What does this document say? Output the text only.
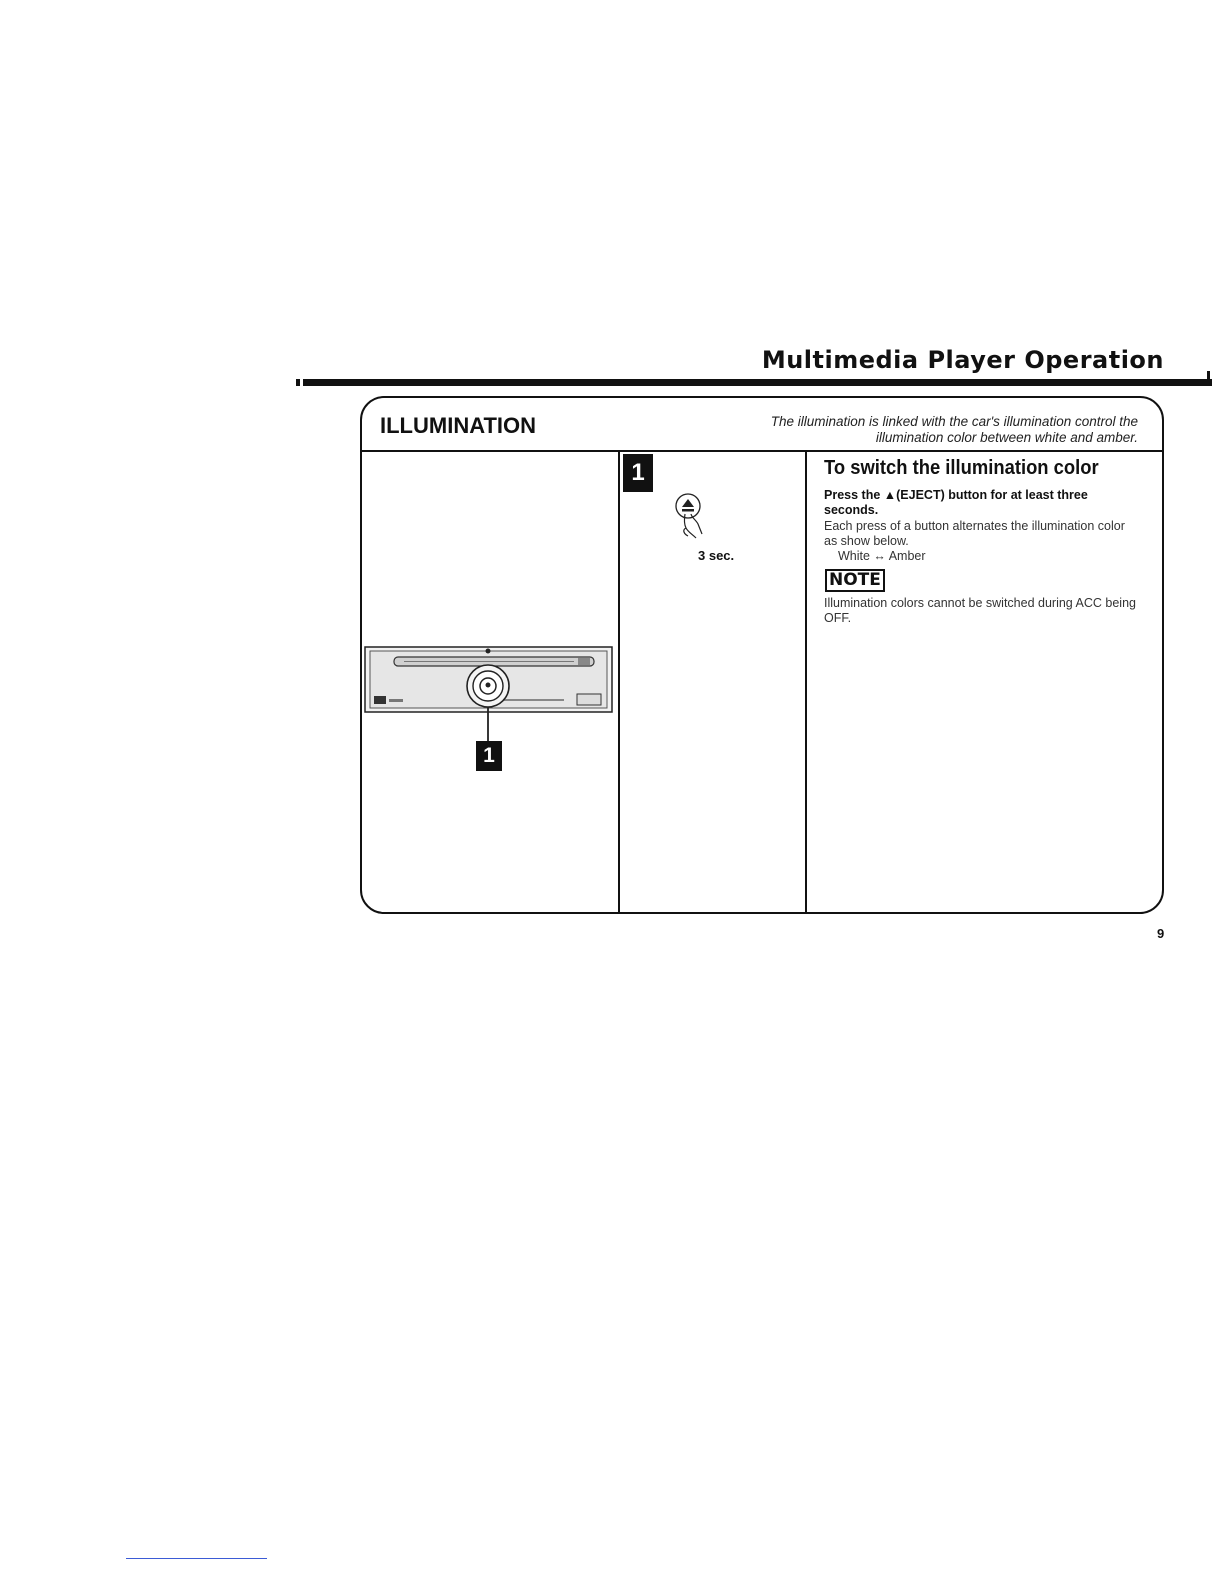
Multimedia Player Operation
ILLUMINATION	The illumination is linked with the car's illumination control the illumination color between white and amber.
1
1
3 sec.
To switch the illumination color
Press the ▲(EJECT) button for at least three seconds.
Each press of a button alternates the illumination color as show below.
White ↔ Amber
NOTE
Illumination colors cannot be switched during ACC being OFF.
9
